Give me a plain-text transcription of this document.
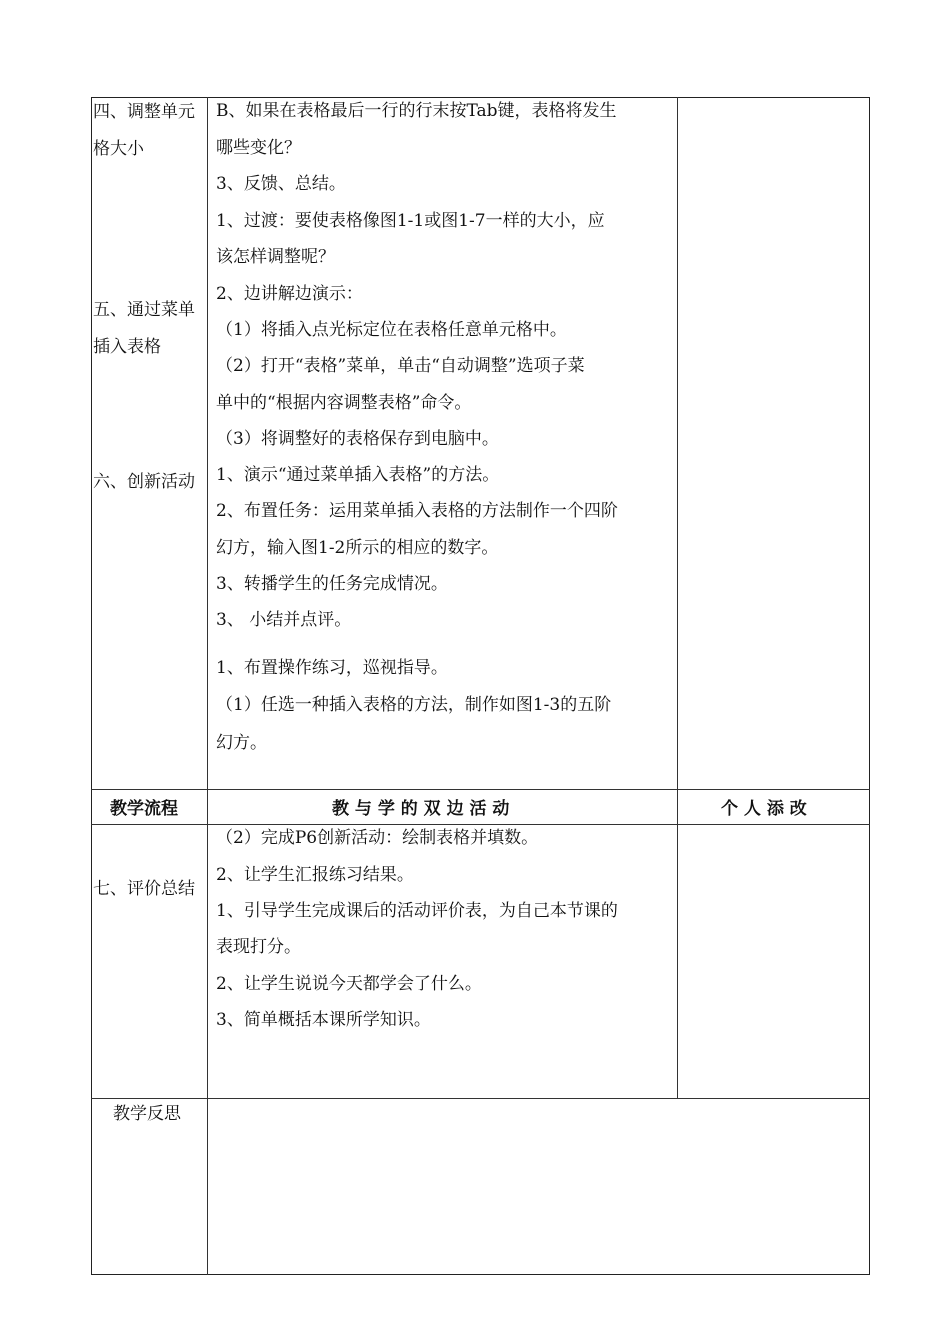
四、调整单元
格大小
五、通过菜单
插入表格
六、创新活动
B、如果在表格最后一行的行末按Tab键，表格将发生
哪些变化？
3、反馈、总结。
1、过渡：要使表格像图1-1或图1-7一样的大小，应
该怎样调整呢？
2、边讲解边演示：
（1）将插入点光标定位在表格任意单元格中。
（2）打开“表格”菜单，单击“自动调整”选项子菜
单中的“根据内容调整表格”命令。
（3）将调整好的表格保存到电脑中。
1、演示“通过菜单插入表格”的方法。
2、布置任务：运用菜单插入表格的方法制作一个四阶
幻方，输入图1-2所示的相应的数字。
3、转播学生的任务完成情况。
3、 小结并点评。
1、布置操作练习，巡视指导。
（1）任选一种插入表格的方法，制作如图1-3的五阶
幻方。
教学流程	教 与 学 的 双 边 活 动	个 人 添 改
七、评价总结
（2）完成P6创新活动：绘制表格并填数。
2、让学生汇报练习结果。
1、引导学生完成课后的活动评价表，为自己本节课的
表现打分。
2、让学生说说今天都学会了什么。
3、简单概括本课所学知识。
教学反思
